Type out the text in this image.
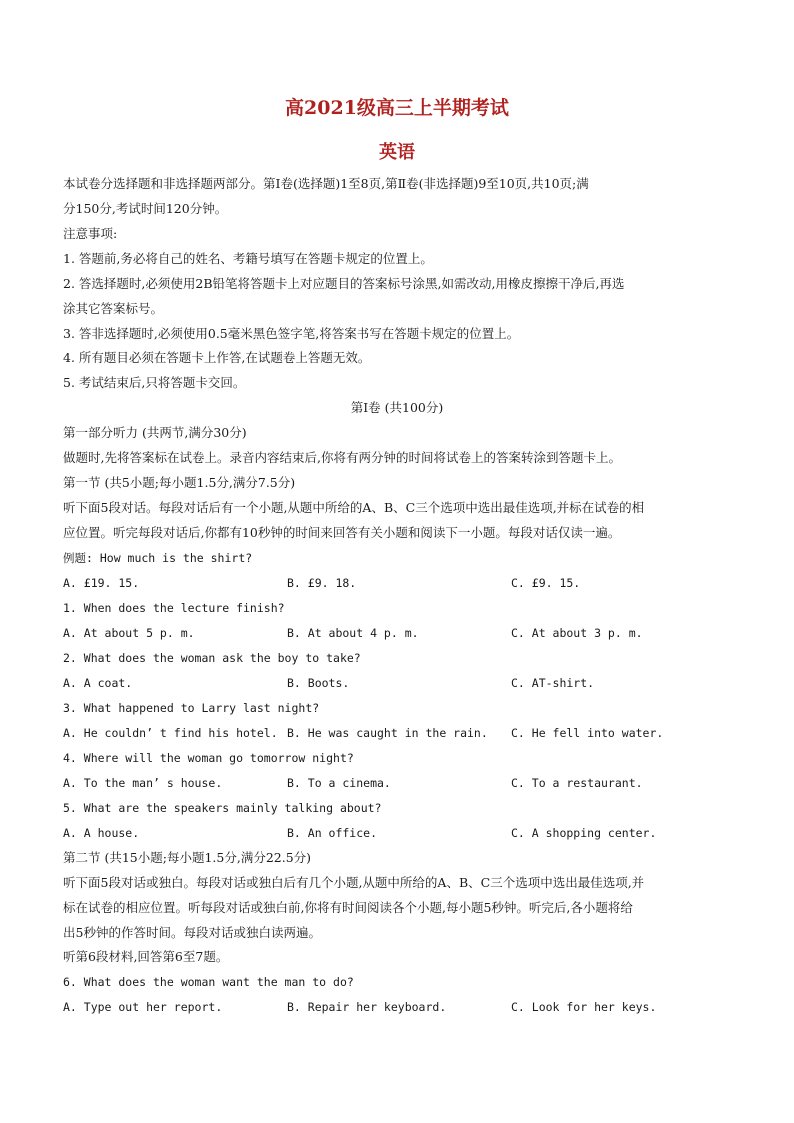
高2021级高三上半期考试
英语
本试卷分选择题和非选择题两部分。第Ⅰ卷(选择题)1至8页,第Ⅱ卷(非选择题)9至10页,共10页;满
分150分,考试时间120分钟。
注意事项:
1. 答题前,务必将自己的姓名、考籍号填写在答题卡规定的位置上。
2. 答选择题时,必须使用2B铅笔将答题卡上对应题目的答案标号涂黑,如需改动,用橡皮擦擦干净后,再选
涂其它答案标号。
3. 答非选择题时,必须使用0.5毫米黑色签字笔,将答案书写在答题卡规定的位置上。
4. 所有题目必须在答题卡上作答,在试题卷上答题无效。
5. 考试结束后,只将答题卡交回。
第Ⅰ卷 (共100分)
第一部分听力 (共两节,满分30分)
做题时,先将答案标在试卷上。录音内容结束后,你将有两分钟的时间将试卷上的答案转涂到答题卡上。
第一节 (共5小题;每小题1.5分,满分7.5分)
听下面5段对话。每段对话后有一个小题,从题中所给的A、B、C三个选项中选出最佳选项,并标在试卷的相
应位置。听完每段对话后,你都有10秒钟的时间来回答有关小题和阅读下一小题。每段对话仅读一遍。
例题: How much is the shirt?
A. £19. 15.	B. £9. 18.	C. £9. 15.
1. When does the lecture finish?
A. At about 5 p. m.	B. At about 4 p. m.	C. At about 3 p. m.
2. What does the woman ask the boy to take?
A. A coat.	B. Boots.	C. AT-shirt.
3. What happened to Larry last night?
A. He couldn’ t find his hotel. B. He was caught in the rain. C. He fell into water.
4. Where will the woman go tomorrow night?
A. To the man’ s house.	B. To a cinema.	C. To a restaurant.
5. What are the speakers mainly talking about?
A. A house.	B. An office.	C. A shopping center.
第二节 (共15小题;每小题1.5分,满分22.5分)
听下面5段对话或独白。每段对话或独白后有几个小题,从题中所给的A、B、C三个选项中选出最佳选项,并
标在试卷的相应位置。听每段对话或独白前,你将有时间阅读各个小题,每小题5秒钟。听完后,各小题将给
出5秒钟的作答时间。每段对话或独白读两遍。
听第6段材料,回答第6至7题。
6. What does the woman want the man to do?
A. Type out her report.	B. Repair her keyboard.	C. Look for her keys.
